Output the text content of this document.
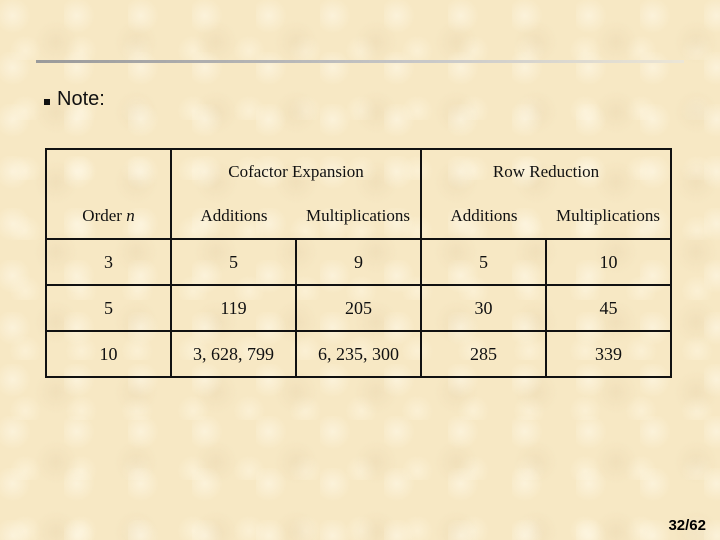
Note:
	Cofactor Expansion		Row Reduction	
Order n	Additions	Multiplications	Additions	Multiplications
3	5	9	5	10
5	119	205	30	45
10	3, 628, 799	6, 235, 300	285	339
32/62
